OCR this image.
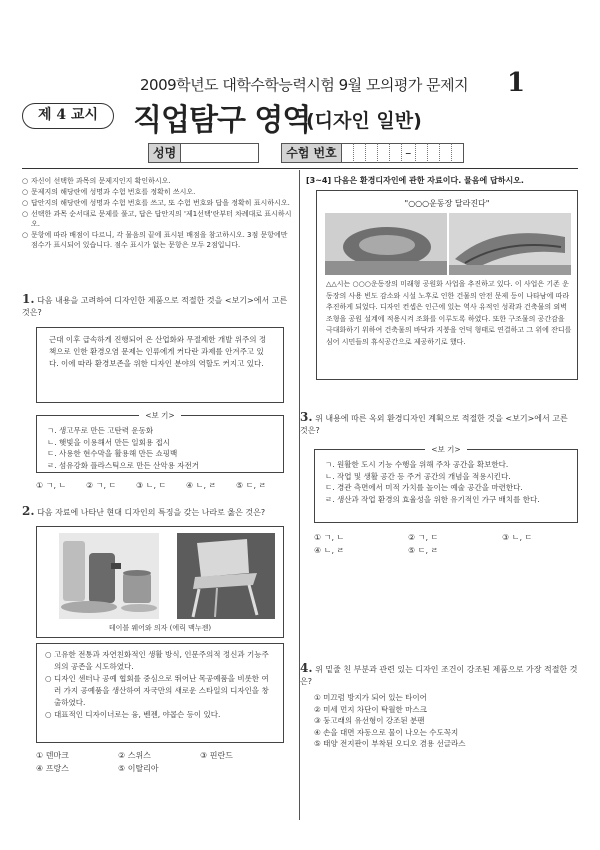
2009학년도 대학수학능력시험 9월 모의평가 문제지 1
제 4 교시	직업탐구 영역
(디자인 일반)
성명	수험 번호	–
○ 자신이 선택한 과목의 문제지인지 확인하시오.
○ 문제지의 해당란에 성명과 수험 번호를 정확히 쓰시오.
○ 답안지의 해당란에 성명과 수험 번호를 쓰고, 또 수험 번호와 답을 정확히 표시하시오.
○ 선택한 과목 순서대로 문제를 풀고, 답은 답안지의 '제1선택'란부터 차례대로 표시하시오.
○ 문항에 따라 배점이 다르니, 각 물음의 끝에 표시된 배점을 참고하시오. 3점 문항에만 점수가 표시되어 있습니다. 점수 표시가 없는 문항은 모두 2점입니다.
1. 다음 내용을 고려하여 디자인한 제품으로 적절한 것을 <보기>에서 고른 것은?
근대 이후 급속하게 진행되어 온 산업화와 무절제한 개발 위주의 정책으로 인한 환경오염 문제는 인류에게 커다란 과제를 안겨주고 있다. 이에 따라 환경보존을 위한 디자인 분야의 역할도 커지고 있다.
<보 기>
ㄱ. 생고무로 만든 고탄력 운동화
ㄴ. 햇빛을 이용해서 만든 일회용 접시
ㄷ. 사용한 현수막을 활용해 만든 쇼핑백
ㄹ. 섬유강화 플라스틱으로 만든 산악용 자전거
① ㄱ, ㄴ ② ㄱ, ㄷ ③ ㄴ, ㄷ ④ ㄴ, ㄹ ⑤ ㄷ, ㄹ
2. 다음 자료에 나타난 현대 디자인의 특징을 갖는 나라로 옳은 것은?
테이블 웨어와 의자 (에릭 맥누젠)
○ 고유한 전통과 자연친화적인 생활 방식, 인문주의적 정신과 기능주의의 공존을 시도하였다.
○ 디자인 센터나 공예 협회를 중심으로 뛰어난 목공예품을 비롯한 여러 가지 공예품을 생산하여 자국만의 새로운 스타일의 디자인을 창출하였다.
○ 대표적인 디자이너로는 융, 벤젠, 야콥슨 등이 있다.
① 덴마크	② 스위스	③ 핀란드
④ 프랑스	⑤ 이탈리아
[3~4] 다음은 환경디자인에 관한 자료이다. 물음에 답하시오.
"○○○운동장 달라진다"
△△시는 ○○○운동장의 미래형 공원화 사업을 추진하고 있다. 이 사업은 기존 운동장의 사용 빈도 감소와 시설 노후로 인한 건물의 안전 문제 등이 나타남에 따라 추진하게 되었다. 디자인 컨셉은 인근에 있는 역사 유적인 성곽과 건축물의 외벽 조형을 공원 설계에 적용시켜 조화를 이루도록 하였다. 또한 구조물의 공간감을 극대화하기 위하여 건축물의 바닥과 지붕을 언덕 형태로 연결하고 그 위에 잔디를 심어 시민들의 휴식공간으로 제공하기로 했다.
3. 위 내용에 따른 옥외 환경디자인 계획으로 적절한 것을 <보기>에서 고른 것은?
<보 기>
ㄱ. 원활한 도시 기능 수행을 위해 주차 공간을 확보한다.
ㄴ. 작업 및 생활 공간 등 주거 공간의 개념을 적용시킨다.
ㄷ. 경관 측면에서 미적 가치를 높이는 예술 공간을 마련한다.
ㄹ. 생산과 작업 환경의 효율성을 위한 유기적인 가구 배치를 한다.
① ㄱ, ㄴ	② ㄱ, ㄷ	③ ㄴ, ㄷ
④ ㄴ, ㄹ	⑤ ㄷ, ㄹ
4. 위 밑줄 친 부분과 관련 있는 디자인 조건이 강조된 제품으로 가장 적절한 것은?
① 미끄럼 방지가 되어 있는 타이어
② 미세 먼지 차단이 탁월한 마스크
③ 둥고래의 유선형이 강조된 분팬
④ 손을 대면 자동으로 물이 나오는 수도꼭지
⑤ 태양 전지판이 부착된 오디오 겸용 선글라스
